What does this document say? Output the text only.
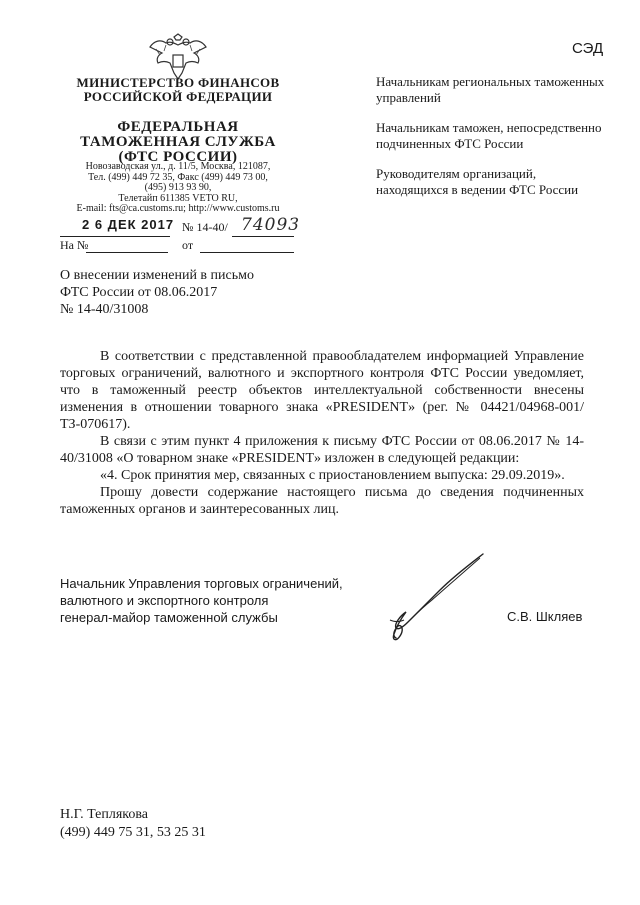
СЭД
МИНИСТЕРСТВО ФИНАНСОВ
РОССИЙСКОЙ ФЕДЕРАЦИИ
ФЕДЕРАЛЬНАЯ
ТАМОЖЕННАЯ СЛУЖБА
(ФТС РОССИИ)
Новозаводская ул., д. 11/5, Москва, 121087,
Тел. (499) 449 72 35, Факс (499) 449 73 00,
(495) 913 93 90,
Телетайп 611385 VETO RU,
E-mail: fts@ca.customs.ru; http://www.customs.ru
2 6 ДЕК 2017 № 14-40/ 74093
На №	от

Начальникам региональных таможенных управлений

Начальникам таможен, непосредственно подчиненных ФТС России

Руководителям организаций, находящихся в ведении ФТС России

О внесении изменений в письмо
ФТС России от 08.06.2017
№ 14-40/31008

В соответствии с представленной правообладателем информацией Управление торговых ограничений, валютного и экспортного контроля ФТС России уведомляет, что в таможенный реестр объектов интеллектуальной собственности внесены изменения в отношении товарного знака «PRESIDENT» (рег. № 04421/04968-001/ТЗ-070617).

В связи с этим пункт 4 приложения к письму ФТС России от 08.06.2017 № 14-40/31008 «О товарном знаке «PRESIDENT» изложен в следующей редакции:

«4. Срок принятия мер, связанных с приостановлением выпуска: 29.09.2019».

Прошу довести содержание настоящего письма до сведения подчиненных таможенных органов и заинтересованных лиц.

Начальник Управления торговых ограничений,
валютного и экспортного контроля
генерал-майор таможенной службы	С.В. Шкляев
Н.Г. Теплякова
(499) 449 75 31, 53 25 31
